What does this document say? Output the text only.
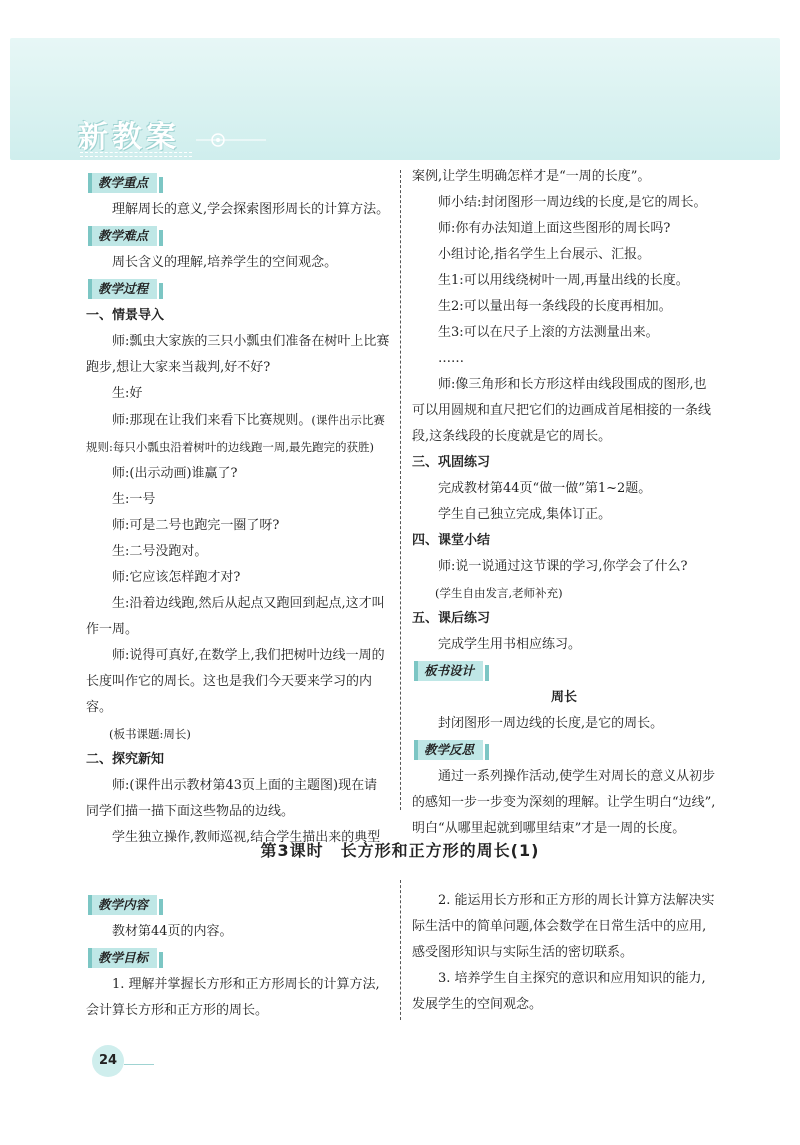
新教案
教学重点

理解周长的意义,学会探索图形周长的计算方法。

教学难点

周长含义的理解,培养学生的空间观念。

教学过程

一、情景导入

师:瓢虫大家族的三只小瓢虫们准备在树叶上比赛跑步,想让大家来当裁判,好不好?

生:好

师:那现在让我们来看下比赛规则。(课件出示比赛规则:每只小瓢虫沿着树叶的边线跑一周,最先跑完的获胜)

师:(出示动画)谁赢了?

生:一号

师:可是二号也跑完一圈了呀?

生:二号没跑对。

师:它应该怎样跑才对?

生:沿着边线跑,然后从起点又跑回到起点,这才叫作一周。

师:说得可真好,在数学上,我们把树叶边线一周的长度叫作它的周长。这也是我们今天要来学习的内容。

(板书课题:周长)

二、探究新知

师:(课件出示教材第43页上面的主题图)现在请同学们描一描下面这些物品的边线。

学生独立操作,教师巡视,结合学生描出来的典型

案例,让学生明确怎样才是“一周的长度”。

师小结:封闭图形一周边线的长度,是它的周长。

师:你有办法知道上面这些图形的周长吗?

小组讨论,指名学生上台展示、汇报。

生1:可以用线绕树叶一周,再量出线的长度。

生2:可以量出每一条线段的长度再相加。

生3:可以在尺子上滚的方法测量出来。

……

师:像三角形和长方形这样由线段围成的图形,也可以用圆规和直尺把它们的边画成首尾相接的一条线段,这条线段的长度就是它的周长。

三、巩固练习

完成教材第44页“做一做”第1~2题。

学生自己独立完成,集体订正。

四、课堂小结

师:说一说通过这节课的学习,你学会了什么?

(学生自由发言,老师补充)

五、课后练习

完成学生用书相应练习。

板书设计

周长

封闭图形一周边线的长度,是它的周长。

教学反思

通过一系列操作活动,使学生对周长的意义从初步的感知一步一步变为深刻的理解。让学生明白“边线”,明白“从哪里起就到哪里结束”才是一周的长度。

第3课时　长方形和正方形的周长(1)
教学内容

教材第44页的内容。

教学目标

1. 理解并掌握长方形和正方形周长的计算方法,会计算长方形和正方形的周长。

2. 能运用长方形和正方形的周长计算方法解决实际生活中的简单问题,体会数学在日常生活中的应用,感受图形知识与实际生活的密切联系。

3. 培养学生自主探究的意识和应用知识的能力,发展学生的空间观念。

24
